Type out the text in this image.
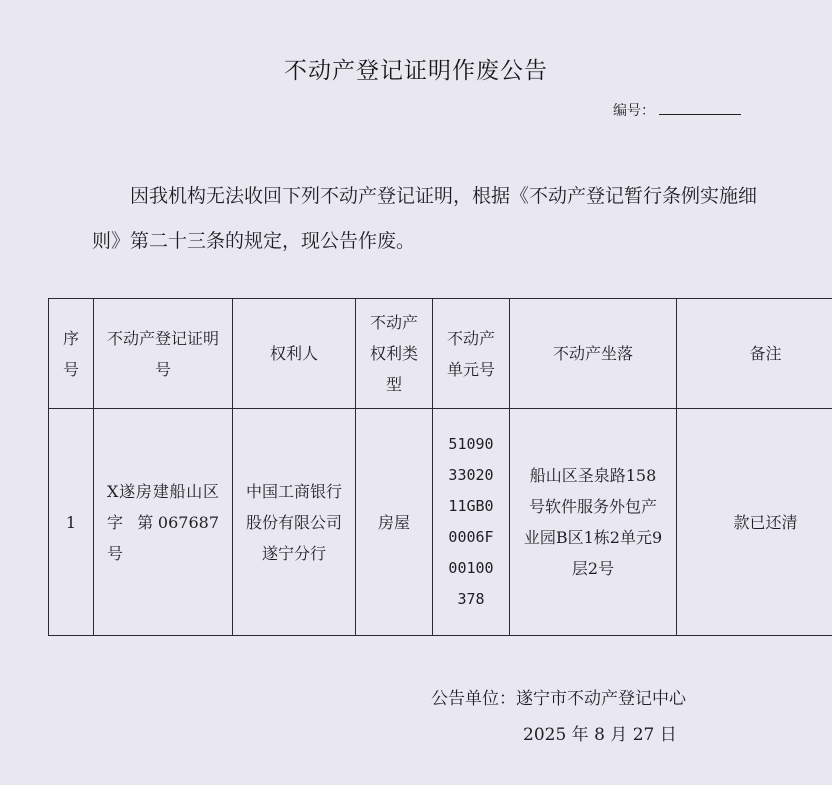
不动产登记证明作废公告
编号：
因我机构无法收回下列不动产登记证明，根据《不动产登记暂行条例实施细则》第二十三条的规定，现公告作废。
序号	不动产登记证明号	权利人	不动产权利类型	不动产单元号	不动产坐落	备注

1	X遂房建船山区 字 第067687号	中国工商银行股份有限公司遂宁分行	房屋	510903302011GB00006F00100378	船山区圣泉路158号软件服务外包产业园B区1栋2单元9层2号	款已还清
公告单位：遂宁市不动产登记中心
2025 年 8 月 27 日
